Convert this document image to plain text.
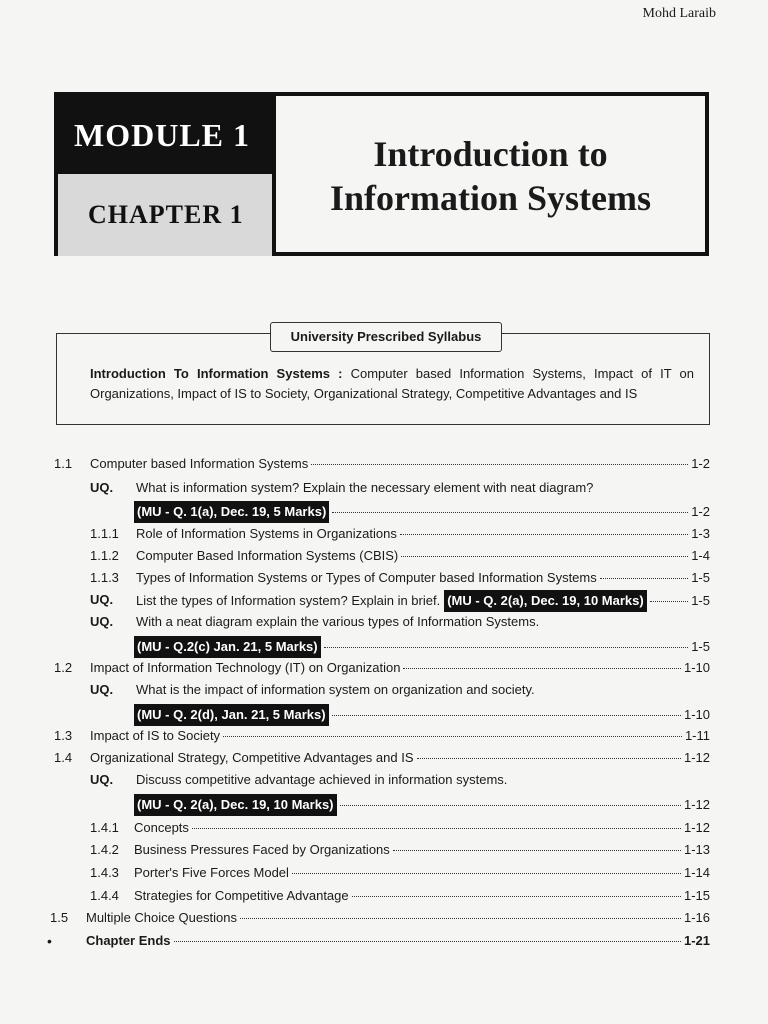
Mohd Laraib
MODULE 1
CHAPTER 1
Introduction to
Information Systems
University Prescribed Syllabus
Introduction To Information Systems : Computer based Information Systems, Impact of IT on Organizations, Impact of IS to Society, Organizational Strategy, Competitive Advantages and IS
1.1 Computer based Information Systems	1-2
UQ. What is information system? Explain the necessary element with neat diagram?
(MU - Q. 1(a), Dec. 19, 5 Marks)	1-2
1.1.1 Role of Information Systems in Organizations	1-3
1.1.2 Computer Based Information Systems (CBIS)	1-4
1.1.3 Types of Information Systems or Types of Computer based Information Systems	1-5
UQ. List the types of Information system? Explain in brief. (MU - Q. 2(a), Dec. 19, 10 Marks)	1-5
UQ. With a neat diagram explain the various types of Information Systems.
(MU - Q.2(c) Jan. 21, 5 Marks)	1-5
1.2 Impact of Information Technology (IT) on Organization	1-10
UQ. What is the impact of information system on organization and society.
(MU - Q. 2(d), Jan. 21, 5 Marks)	1-10
1.3 Impact of IS to Society	1-11
1.4 Organizational Strategy, Competitive Advantages and IS	1-12
UQ. Discuss competitive advantage achieved in information systems.
(MU - Q. 2(a), Dec. 19, 10 Marks)	1-12
1.4.1 Concepts	1-12
1.4.2 Business Pressures Faced by Organizations	1-13
1.4.3 Porter's Five Forces Model	1-14
1.4.4 Strategies for Competitive Advantage	1-15
1.5 Multiple Choice Questions	1-16
•	Chapter Ends	1-21
